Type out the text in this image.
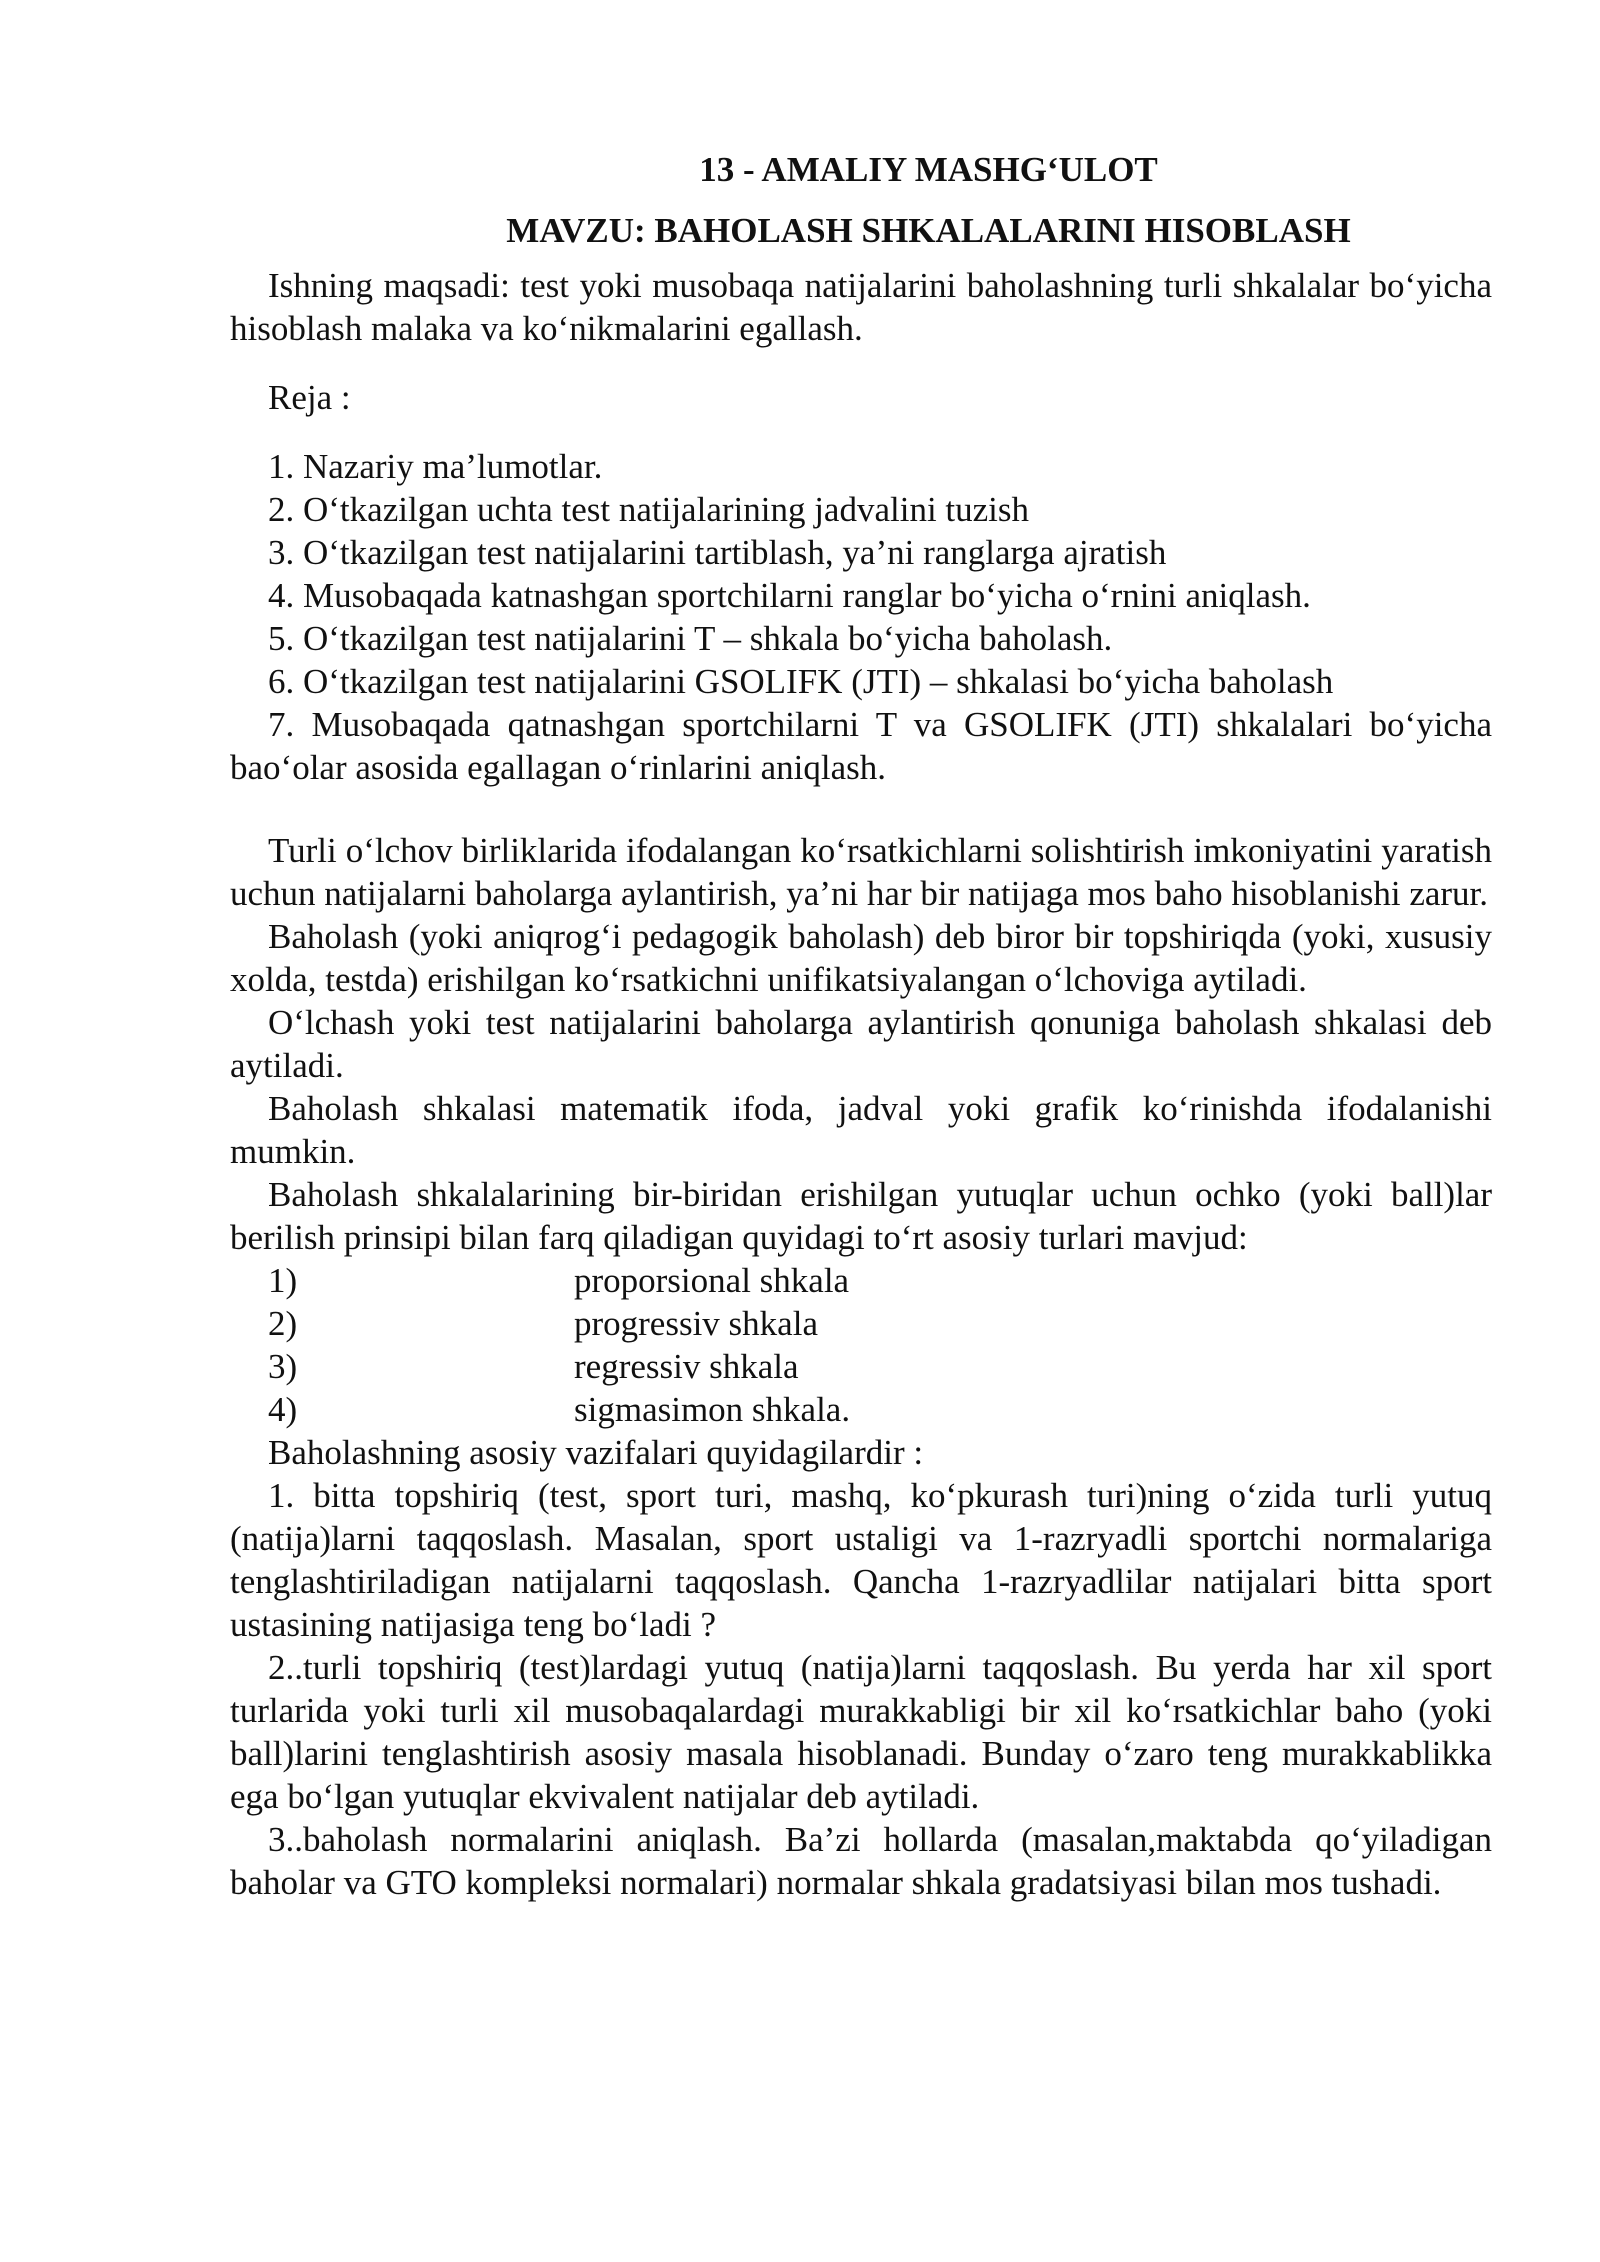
13 - AMALIY MASHG‘ULOT

MAVZU: BAHOLASH SHKALALARINI HISOBLASH

Ishning maqsadi: test yoki musobaqa natijalarini baholashning turli shkalalar bo‘yicha hisoblash malaka va ko‘nikmalarini egallash.

Reja :

1. Nazariy ma’lumotlar.

2. O‘tkazilgan uchta test natijalarining jadvalini tuzish

3. O‘tkazilgan test natijalarini tartiblash, ya’ni ranglarga ajratish

4. Musobaqada katnashgan sportchilarni ranglar bo‘yicha o‘rnini aniqlash.

5. O‘tkazilgan test natijalarini T – shkala bo‘yicha baholash.

6. O‘tkazilgan test natijalarini GSOLIFK (JTI) – shkalasi bo‘yicha baholash

7. Musobaqada qatnashgan sportchilarni T va GSOLIFK (JTI) shkalalari bo‘yicha bao‘olar asosida egallagan o‘rinlarini aniqlash.

Turli o‘lchov birliklarida ifodalangan ko‘rsatkichlarni solishtirish imkoniyatini yaratish uchun natijalarni baholarga aylantirish, ya’ni har bir natijaga mos baho hisoblanishi zarur.

Baholash (yoki aniqrog‘i pedagogik baholash) deb biror bir topshiriqda (yoki, xususiy xolda, testda) erishilgan ko‘rsatkichni unifikatsiyalangan o‘lchoviga aytiladi.

O‘lchash yoki test natijalarini baholarga aylantirish qonuniga baholash shkalasi deb aytiladi.

Baholash shkalasi matematik ifoda, jadval yoki grafik ko‘rinishda ifodalanishi mumkin.

Baholash shkalalarining bir-biridan erishilgan yutuqlar uchun ochko (yoki ball)lar berilish prinsipi bilan farq qiladigan quyidagi to‘rt asosiy turlari mavjud:

1)	proporsional shkala
2)	progressiv shkala
3)	regressiv shkala
4)	sigmasimon shkala.

Baholashning asosiy vazifalari quyidagilardir :

1. bitta topshiriq (test, sport turi, mashq, ko‘pkurash turi)ning o‘zida turli yutuq (natija)larni taqqoslash. Masalan, sport ustaligi va 1-razryadli sportchi normalariga tenglashtiriladigan natijalarni taqqoslash. Qancha 1-razryadlilar natijalari bitta sport ustasining natijasiga teng bo‘ladi ?

2..turli topshiriq (test)lardagi yutuq (natija)larni taqqoslash. Bu yerda har xil sport turlarida yoki turli xil musobaqalardagi murakkabligi bir xil ko‘rsatkichlar baho (yoki ball)larini tenglashtirish asosiy masala hisoblanadi. Bunday o‘zaro teng murakkablikka ega bo‘lgan yutuqlar ekvivalent natijalar deb aytiladi.

3..baholash normalarini aniqlash. Ba’zi hollarda (masalan,maktabda qo‘yiladigan baholar va GTO kompleksi normalari) normalar shkala gradatsiyasi bilan mos tushadi.
